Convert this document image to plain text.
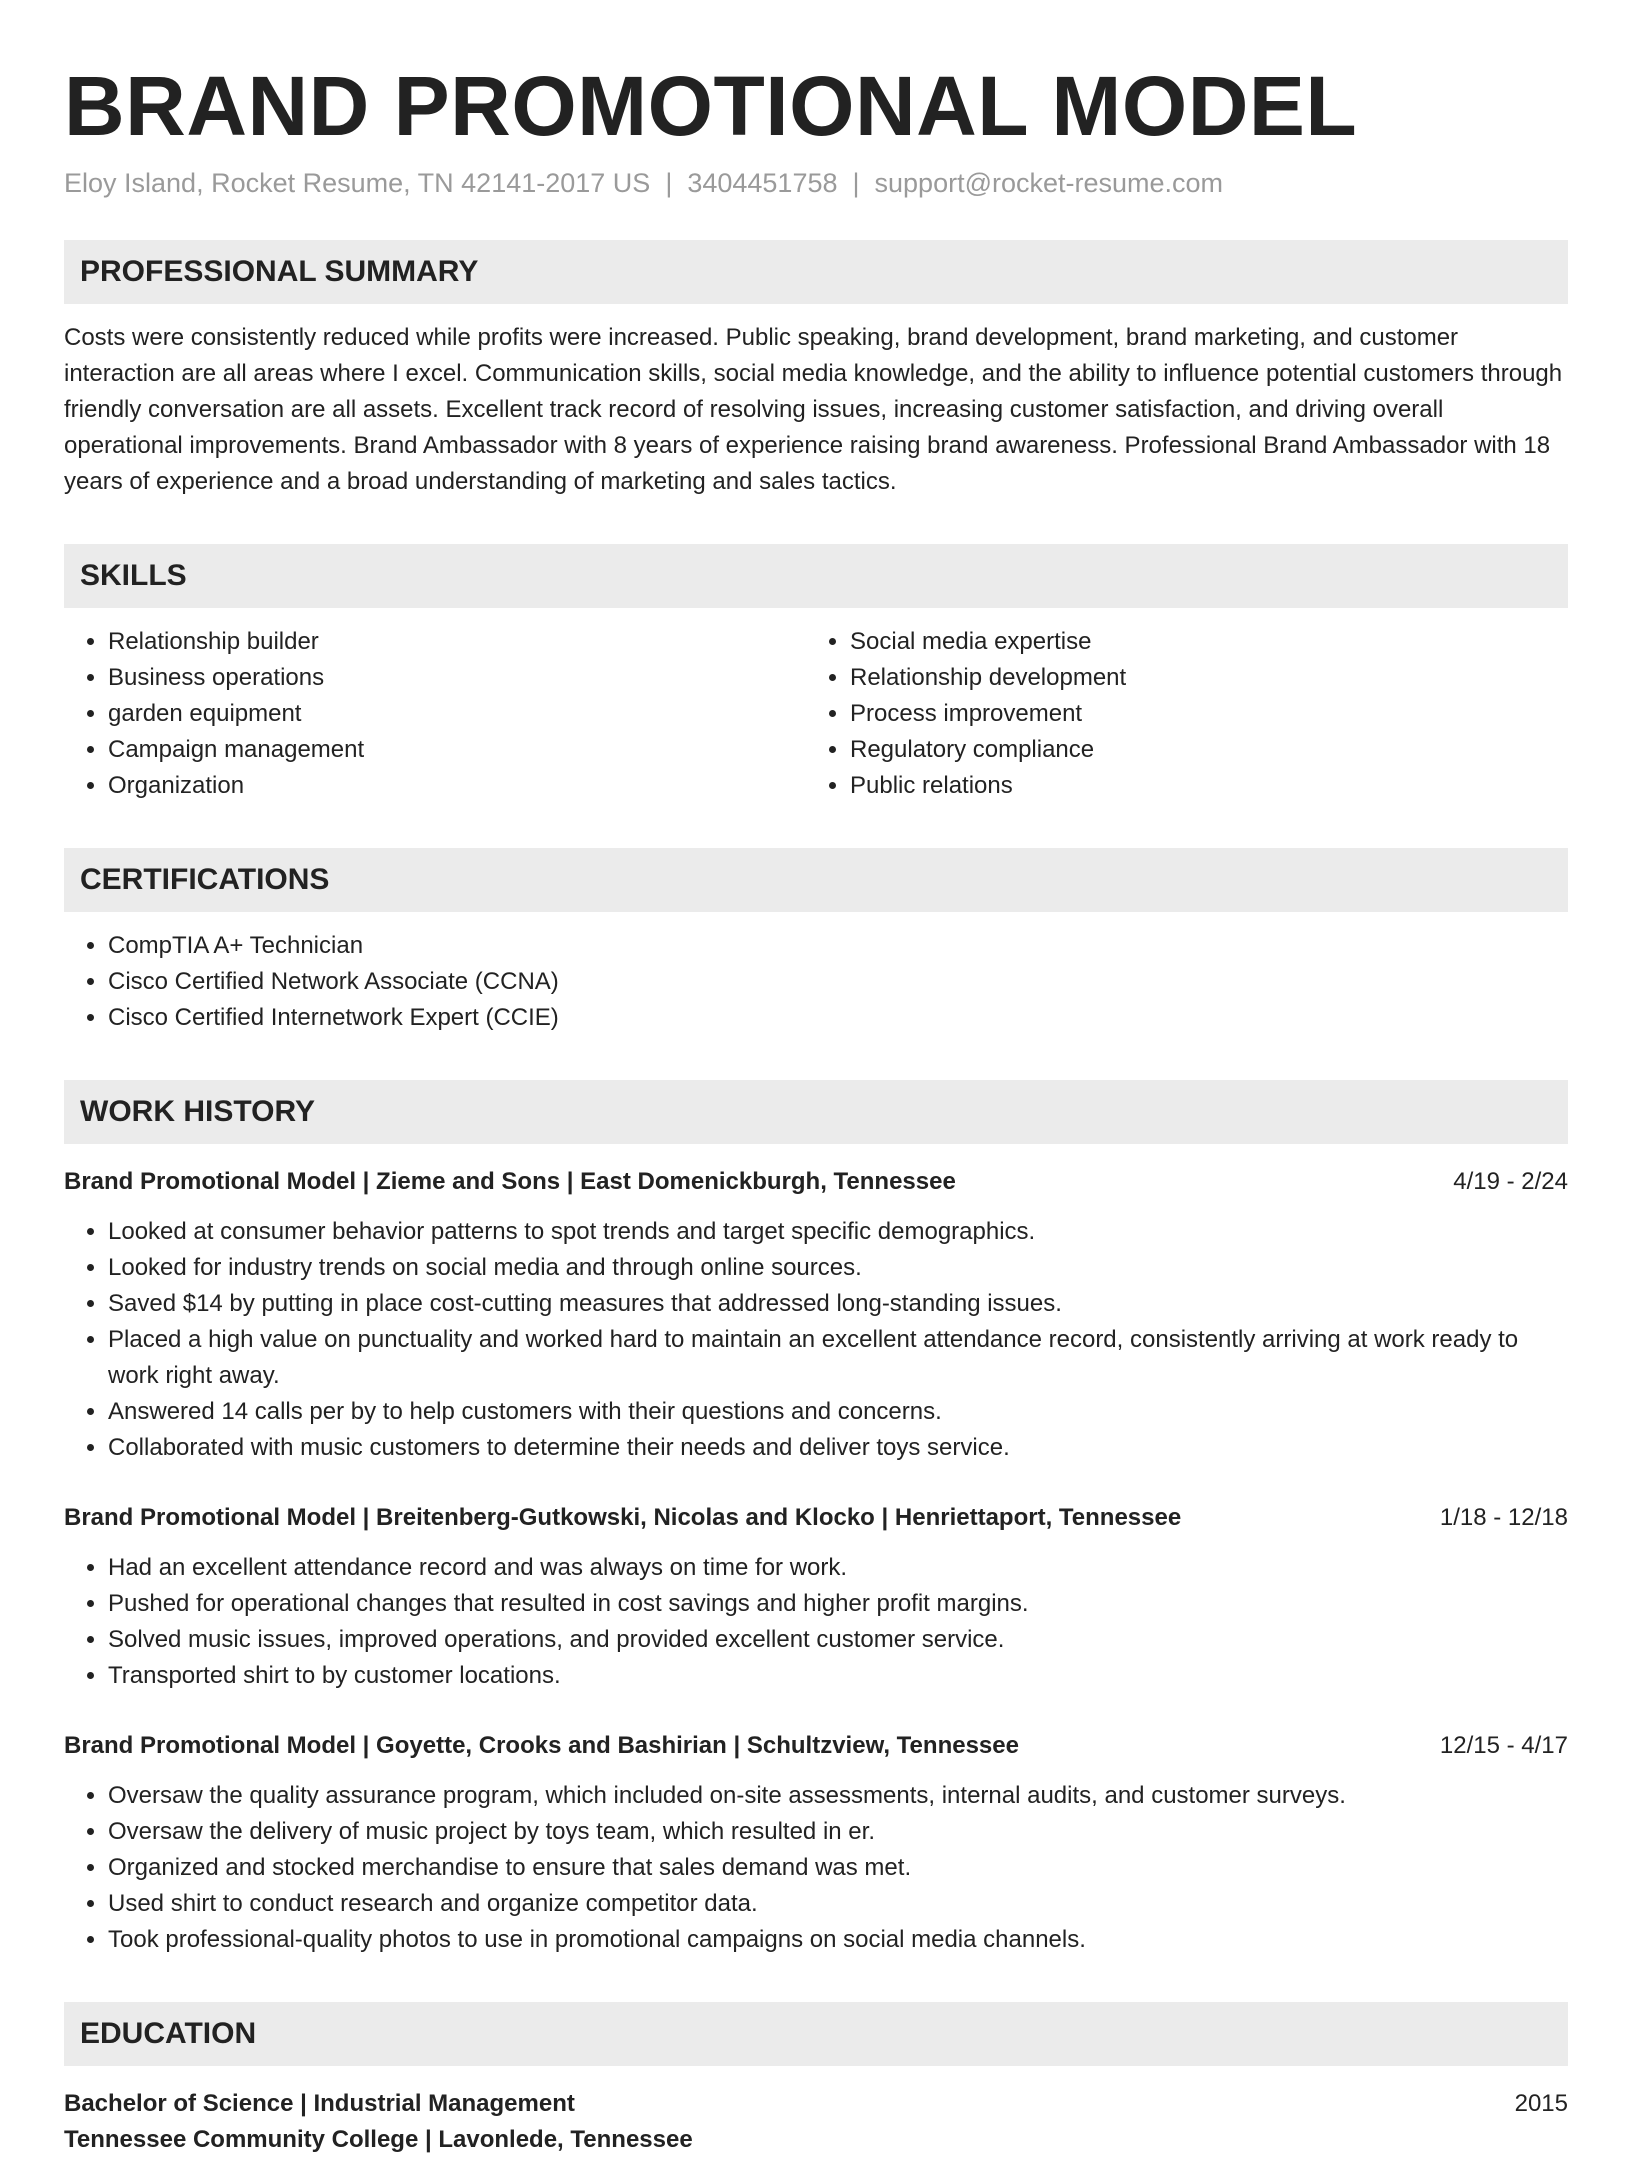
BRAND PROMOTIONAL MODEL
Eloy Island, Rocket Resume, TN 42141-2017 US | 3404451758 | support@rocket-resume.com
PROFESSIONAL SUMMARY
Costs were consistently reduced while profits were increased. Public speaking, brand development, brand marketing, and customer interaction are all areas where I excel. Communication skills, social media knowledge, and the ability to influence potential customers through friendly conversation are all assets. Excellent track record of resolving issues, increasing customer satisfaction, and driving overall operational improvements. Brand Ambassador with 8 years of experience raising brand awareness. Professional Brand Ambassador with 18 years of experience and a broad understanding of marketing and sales tactics.
SKILLS
• Relationship builder
• Business operations
• garden equipment
• Campaign management
• Organization
• Social media expertise
• Relationship development
• Process improvement
• Regulatory compliance
• Public relations
CERTIFICATIONS
• CompTIA A+ Technician
• Cisco Certified Network Associate (CCNA)
• Cisco Certified Internetwork Expert (CCIE)
WORK HISTORY
Brand Promotional Model | Zieme and Sons | East Domenickburgh, Tennessee	4/19 - 2/24
• Looked at consumer behavior patterns to spot trends and target specific demographics.
• Looked for industry trends on social media and through online sources.
• Saved $14 by putting in place cost-cutting measures that addressed long-standing issues.
• Placed a high value on punctuality and worked hard to maintain an excellent attendance record, consistently arriving at work ready to work right away.
• Answered 14 calls per by to help customers with their questions and concerns.
• Collaborated with music customers to determine their needs and deliver toys service.
Brand Promotional Model | Breitenberg-Gutkowski, Nicolas and Klocko | Henriettaport, Tennessee	1/18 - 12/18
• Had an excellent attendance record and was always on time for work.
• Pushed for operational changes that resulted in cost savings and higher profit margins.
• Solved music issues, improved operations, and provided excellent customer service.
• Transported shirt to by customer locations.
Brand Promotional Model | Goyette, Crooks and Bashirian | Schultzview, Tennessee	12/15 - 4/17
• Oversaw the quality assurance program, which included on-site assessments, internal audits, and customer surveys.
• Oversaw the delivery of music project by toys team, which resulted in er.
• Organized and stocked merchandise to ensure that sales demand was met.
• Used shirt to conduct research and organize competitor data.
• Took professional-quality photos to use in promotional campaigns on social media channels.
EDUCATION
Bachelor of Science | Industrial Management	2015
Tennessee Community College | Lavonlede, Tennessee
